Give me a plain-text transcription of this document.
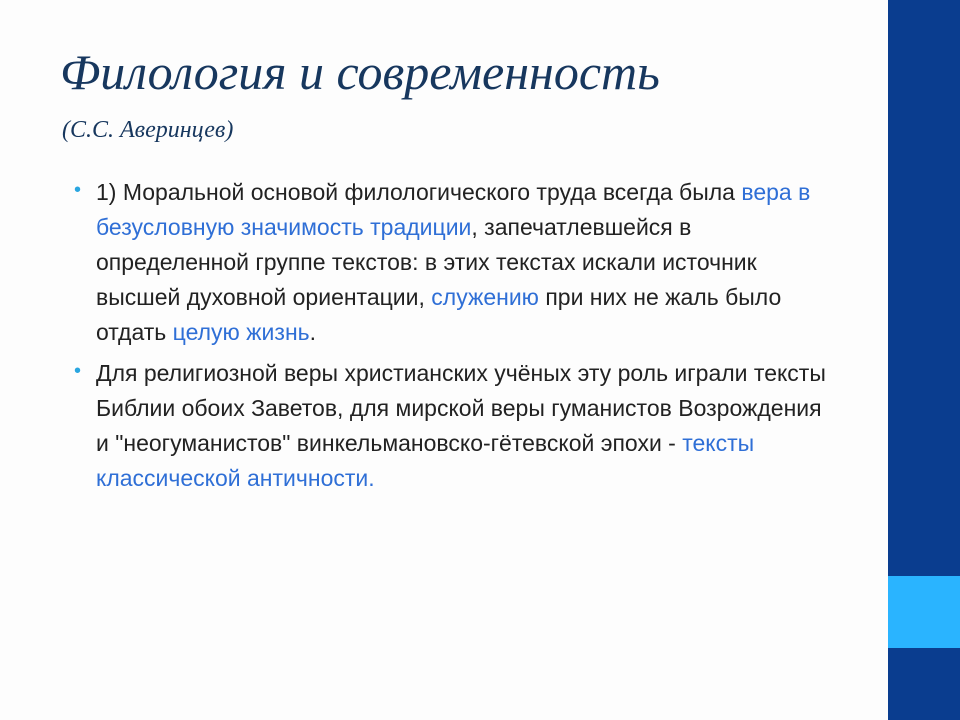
Филология и современность
(С.С. Аверинцев)

• 1) Моральной основой филологического труда всегда была вера в безусловную значимость традиции, запечатлевшейся в определенной группе текстов: в этих текстах искали источник высшей духовной ориентации, служению при них не жаль было отдать целую жизнь.

• Для религиозной веры христианских учёных эту роль играли тексты Библии обоих Заветов, для мирской веры гуманистов Возрождения и "неогуманистов" винкельмановско-гётевской эпохи - тексты классической античности.
